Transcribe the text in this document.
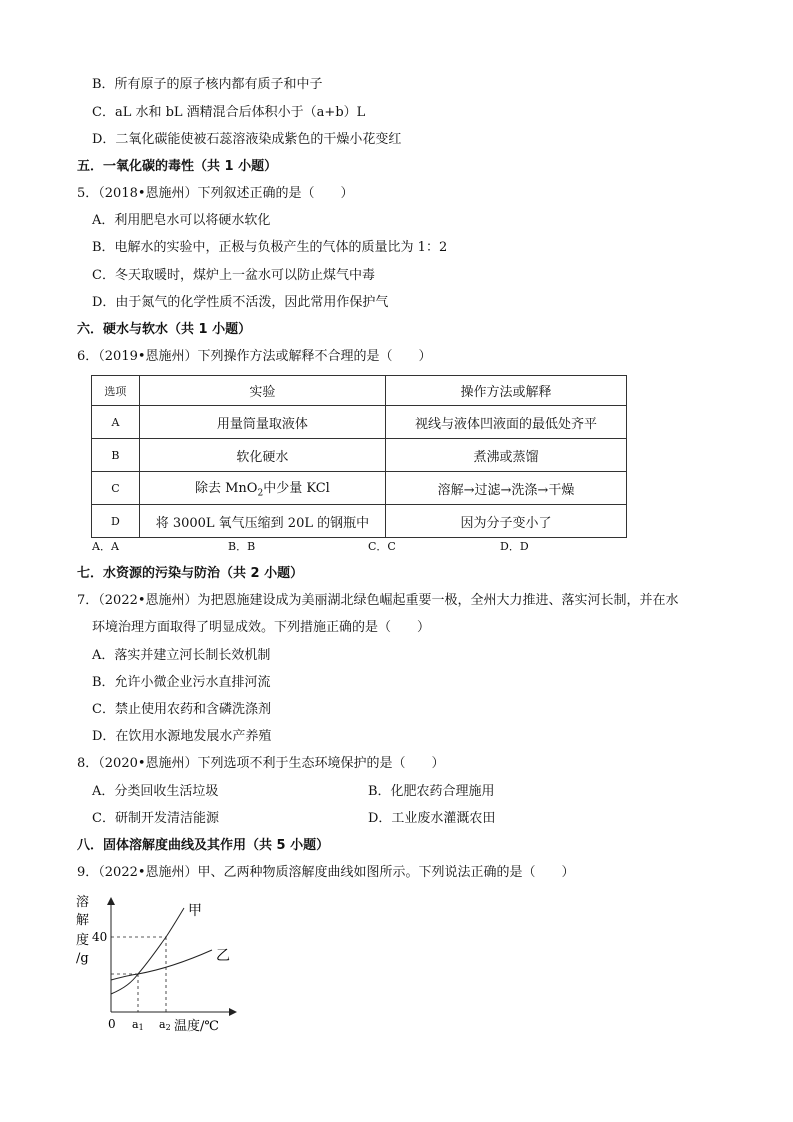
B．所有原子的原子核内都有质子和中子
C．aL 水和 bL 酒精混合后体积小于（a+b）L
D．二氧化碳能使被石蕊溶液染成紫色的干燥小花变红
五．一氧化碳的毒性（共 1 小题）
5．（2018•恩施州）下列叙述正确的是（　　）
A．利用肥皂水可以将硬水软化
B．电解水的实验中，正极与负极产生的气体的质量比为 1：2
C．冬天取暖时，煤炉上一盆水可以防止煤气中毒
D．由于氮气的化学性质不活泼，因此常用作保护气
六．硬水与软水（共 1 小题）
6．（2019•恩施州）下列操作方法或解释不合理的是（　　）
选项	实验	操作方法或解释
A	用量筒量取液体	视线与液体凹液面的最低处齐平
B	软化硬水	煮沸或蒸馏
C	除去 MnO$_2$中少量 KCl	溶解→过滤→洗涤→干燥
D	将 3000L 氧气压缩到 20L 的钢瓶中	因为分子变小了
A．A	B．B	C．C	D．D
七．水资源的污染与防治（共 2 小题）
7．（2022•恩施州）为把恩施建设成为美丽湖北绿色崛起重要一极，全州大力推进、落实河长制，并在水
环境治理方面取得了明显成效。下列措施正确的是（　　）
A．落实并建立河长制长效机制
B．允许小微企业污水直排河流
C．禁止使用农药和含磷洗涤剂
D．在饮用水源地发展水产养殖
8．（2020•恩施州）下列选项不利于生态环境保护的是（　　）
A．分类回收生活垃圾	B．化肥农药合理施用
C．研制开发清洁能源	D．工业废水灌溉农田
八．固体溶解度曲线及其作用（共 5 小题）
9．（2022•恩施州）甲、乙两种物质溶解度曲线如图所示。下列说法正确的是（　　）
溶
解
度
/g
40
0 a1 a2 温度/℃
甲
乙
